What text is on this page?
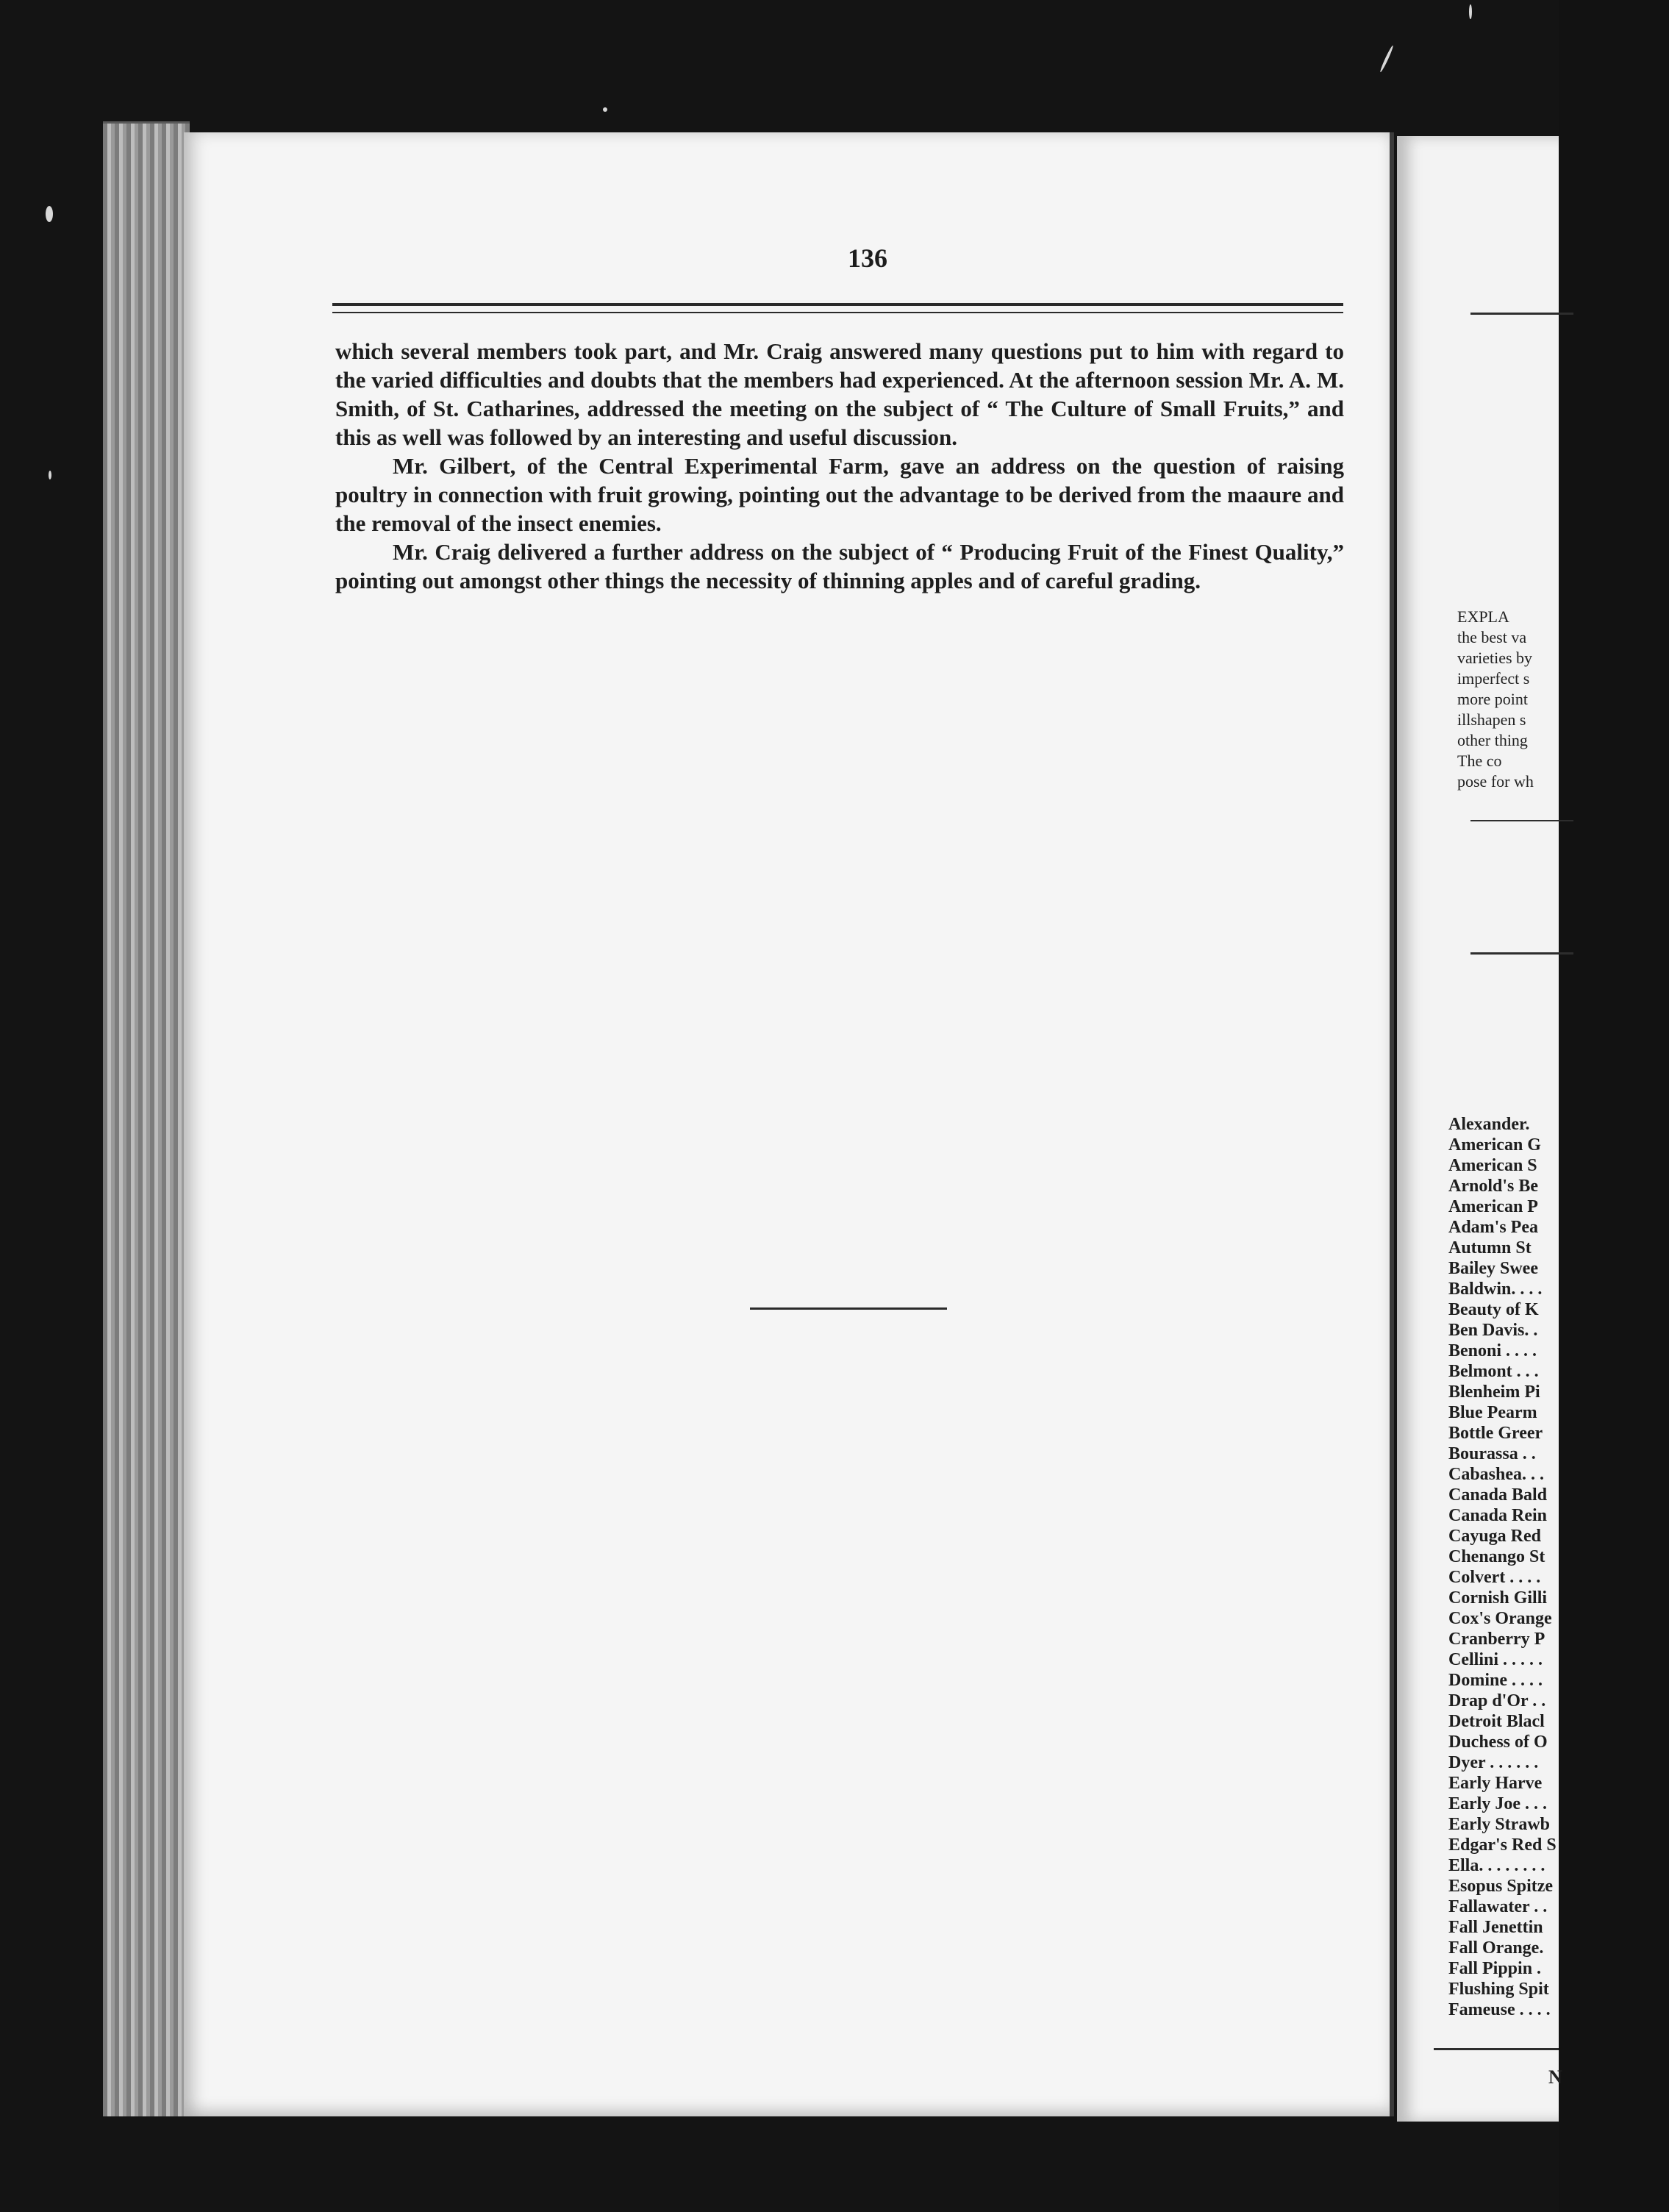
136

which several members took part, and Mr. Craig answered many questions put to him with regard to the varied difficulties and doubts that the members had experienced. At the afternoon session Mr. A. M. Smith, of St. Catharines, addressed the meeting on the subject of “ The Culture of Small Fruits,” and this as well was followed by an interesting and useful discussion.

Mr. Gilbert, of the Central Experimental Farm, gave an address on the question of raising poultry in connection with fruit growing, pointing out the advantage to be derived from the maaure and the removal of the insect enemies.

Mr. Craig delivered a further address on the subject of “ Producing Fruit of the Finest Quality,” pointing out amongst other things the necessity of thinning apples and of careful grading.

EXPLA
the best va
varieties by
imperfect s
more point
illshapen s
other thing
The co
pose for wh
Alexander.
American G
American S
Arnold's Be
American P
Adam's Pea
Autumn St
Bailey Swee
Baldwin. . . .
Beauty of K
Ben Davis. .
Benoni . . . .
Belmont . . .
Blenheim Pi
Blue Pearm
Bottle Greer
Bourassa . .
Cabashea. . .
Canada Bald
Canada Rein
Cayuga Red
Chenango St
Colvert . . . .
Cornish Gilli
Cox's Orange
Cranberry P
Cellini . . . . .
Domine . . . .
Drap d'Or . .
Detroit Blacl
Duchess of O
Dyer . . . . . .
Early Harve
Early Joe . . .
Early Strawb
Edgar's Red S
Ella. . . . . . . .
Esopus Spitze
Fallawater . .
Fall Jenettin
Fall Orange.
Fall Pippin .
Flushing Spit
Fameuse . . . .
N
